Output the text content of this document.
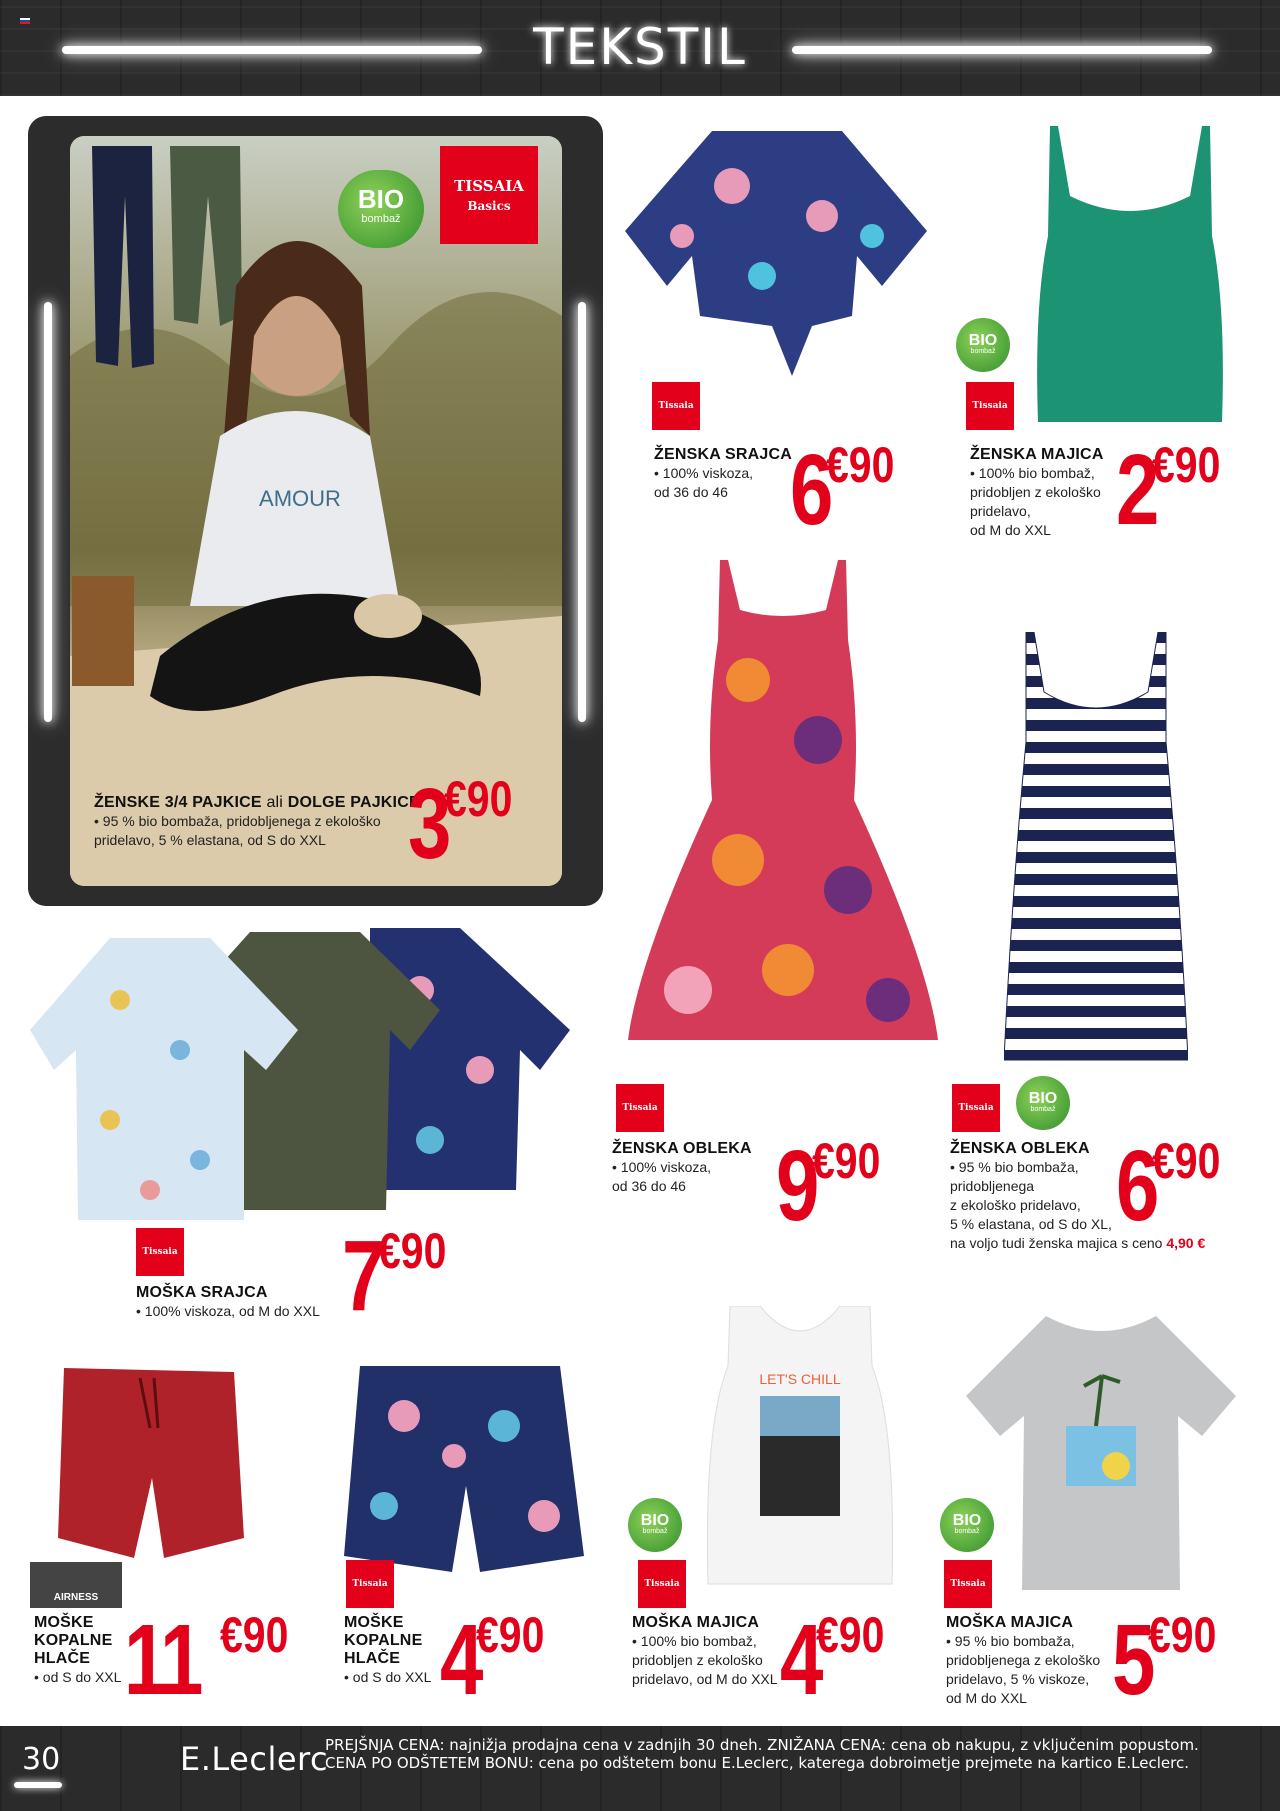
TEKSTIL
AMOUR
TISSAIA
Basics
BIO
bombaž
ŽENSKE 3/4 PAJKICE ali DOLGE PAJKICE
• 95 % bio bombaža, pridobljenega z ekološko
pridelavo, 5 % elastana, od S do XXL 3€90
Tissaia
ŽENSKA SRAJCA
• 100% viskoza,
od 36 do 46 6€90
BIO
bombaž
Tissaia
ŽENSKA MAJICA
• 100% bio bombaž,
pridobljen z ekološko
pridelavo,
od M do XXL 2€90
Tissaia
ŽENSKA OBLEKA
• 100% viskoza,
od 36 do 46 9€90
Tissaia
BIO
bombaž
ŽENSKA OBLEKA
• 95 % bio bombaža,
pridobljenega
z ekološko pridelavo,
5 % elastana, od S do XL,
na voljo tudi ženska majica s ceno 4,90 €
6€90
Tissaia
MOŠKA SRAJCA
• 100% viskoza, od M do XXL 7€90
AIRNESS
MOŠKE
KOPALNE
HLAČE
• od S do XXL 11 €90
Tissaia
MOŠKE
KOPALNE
HLAČE
• od S do XXL 4€90
LET'S CHILL
BIO
bombaž
Tissaia
MOŠKA MAJICA
• 100% bio bombaž,
pridobljen z ekološko
pridelavo, od M do XXL 4€90
BIO
bombaž
Tissaia
MOŠKA MAJICA
• 95 % bio bombaža,
pridobljenega z ekološko
pridelavo, 5 % viskoze,
od M do XXL 5€90
30	E.Leclerc
PREJŠNJA CENA: najnižja prodajna cena v zadnjih 30 dneh. ZNIŽANA CENA: cena ob nakupu, z vključenim popustom.
CENA PO ODŠTETEM BONU: cena po odštetem bonu E.Leclerc, katerega dobroimetje prejmete na kartico E.Leclerc.
